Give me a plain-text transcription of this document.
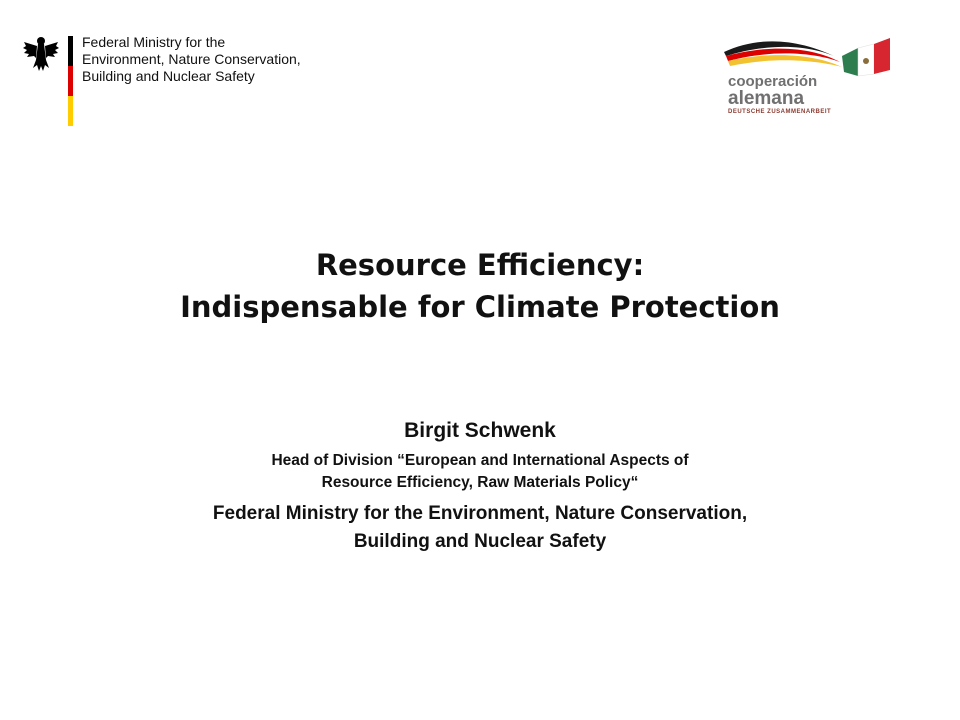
Federal Ministry for the
Environment, Nature Conservation,
Building and Nuclear Safety	cooperación
alemana
DEUTSCHE ZUSAMMENARBEIT
Resource Efficiency:
Indispensable for Climate Protection
Birgit Schwenk
Head of Division “European and International Aspects of
Resource Efficiency, Raw Materials Policy“
Federal Ministry for the Environment, Nature Conservation,
Building and Nuclear Safety
